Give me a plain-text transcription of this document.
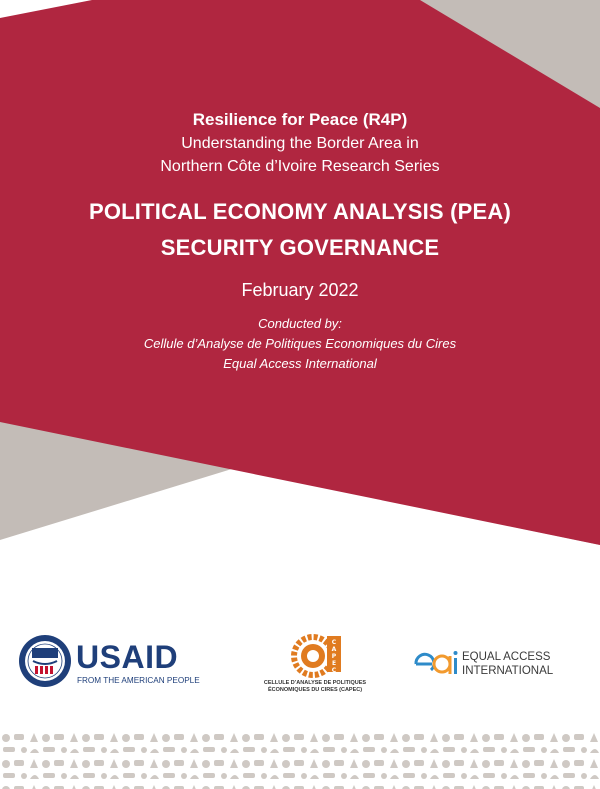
Resilience for Peace (R4P)
Understanding the Border Area in
Northern Côte d’Ivoire Research Series
POLITICAL ECONOMY ANALYSIS (PEA)
SECURITY GOVERNANCE
February 2022
Conducted by:
Cellule d’Analyse de Politiques Economiques du Cires
Equal Access International
USAID
FROM THE AMERICAN PEOPLE
C
A
P
E
C
CELLULE D’ANALYSE DE POLITIQUES
ÉCONOMIQUES DU CIRES (CAPEC)
EQUAL ACCESS
INTERNATIONAL
